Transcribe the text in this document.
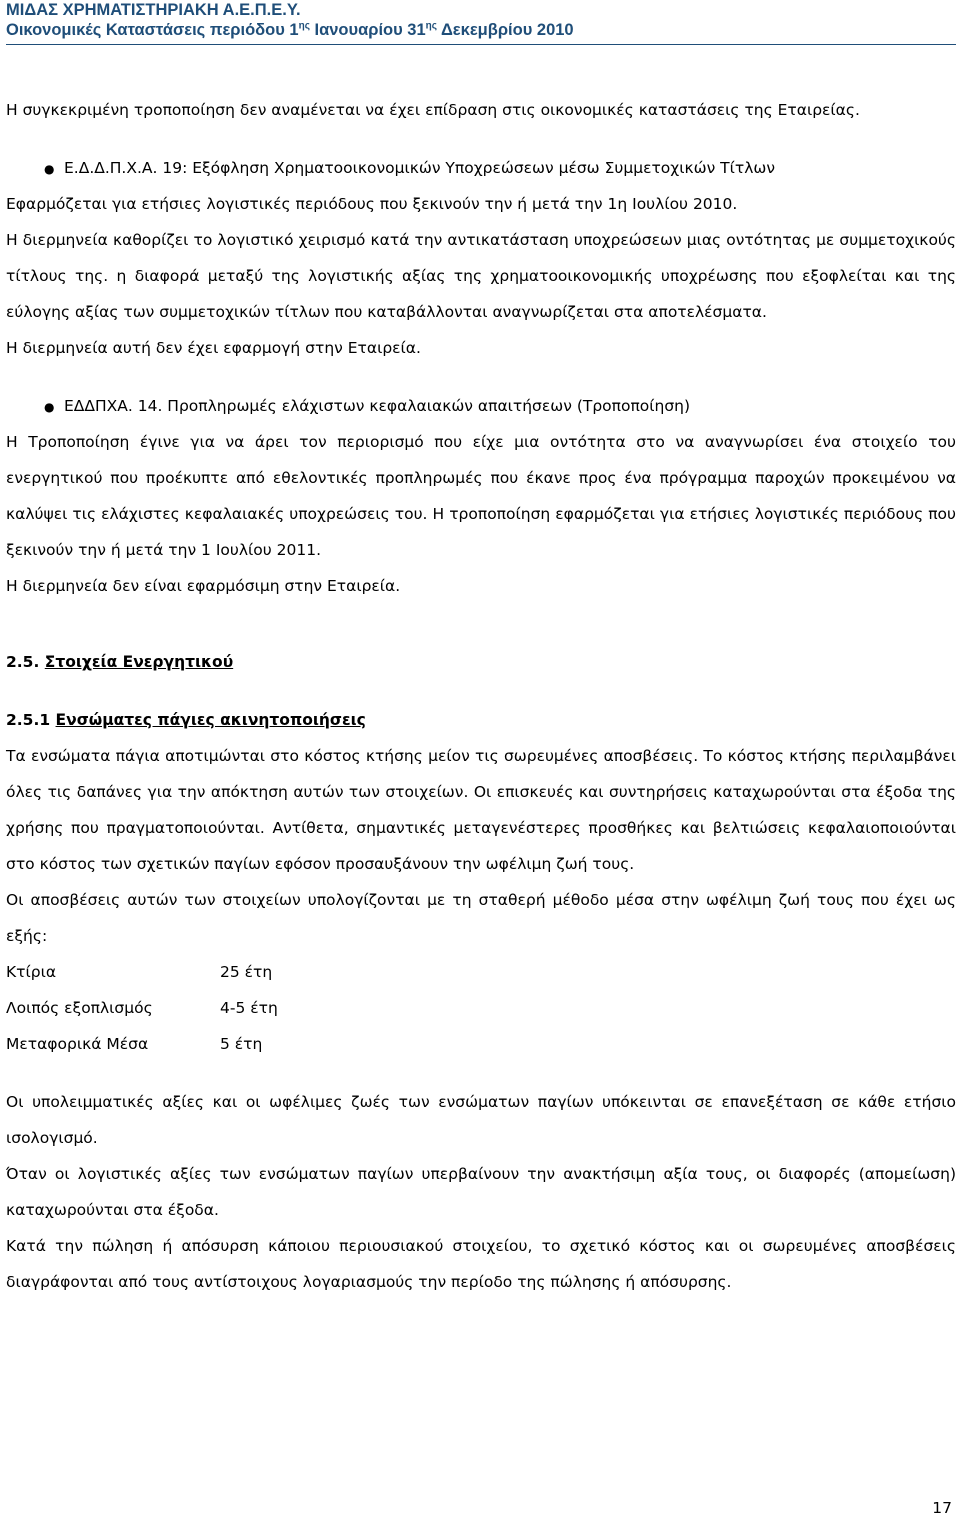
ΜΙΔΑΣ ΧΡΗΜΑΤΙΣΤΗΡΙΑΚΗ Α.Ε.Π.Ε.Υ.
Οικονομικές Καταστάσεις περιόδου $1^{\eta\varsigma}$ Ιανουαρίου $31^{\eta\varsigma}$ Δεκεμβρίου 2010

Η συγκεκριμένη τροποποίηση δεν αναμένεται να έχει επίδραση στις οικονομικές καταστάσεις της Εταιρείας.

● Ε.Δ.Δ.Π.Χ.Α. 19: Εξόφληση Χρηματοοικονομικών Υποχρεώσεων μέσω Συμμετοχικών Τίτλων

Εφαρμόζεται για ετήσιες λογιστικές περιόδους που ξεκινούν την ή μετά την 1η Ιουλίου 2010.

Η διερμηνεία καθορίζει το λογιστικό χειρισμό κατά την αντικατάσταση υποχρεώσεων μιας οντότητας με συμμετοχικούς τίτλους της. η διαφορά μεταξύ της λογιστικής αξίας της χρηματοοικονομικής υποχρέωσης που εξοφλείται και της εύλογης αξίας των συμμετοχικών τίτλων που καταβάλλονται αναγνωρίζεται στα αποτελέσματα.

Η διερμηνεία αυτή δεν έχει εφαρμογή στην Εταιρεία.

● ΕΔΔΠΧΑ. 14. Προπληρωμές ελάχιστων κεφαλαιακών απαιτήσεων (Τροποποίηση)

Η Τροποποίηση έγινε για να άρει τον περιορισμό που είχε μια οντότητα στο να αναγνωρίσει ένα στοιχείο του ενεργητικού που προέκυπτε από εθελοντικές προπληρωμές που έκανε προς ένα πρόγραμμα παροχών προκειμένου να καλύψει τις ελάχιστες κεφαλαιακές υποχρεώσεις του. Η τροποποίηση εφαρμόζεται για ετήσιες λογιστικές περιόδους που ξεκινούν την ή μετά την 1 Ιουλίου 2011.

Η διερμηνεία δεν είναι εφαρμόσιμη στην Εταιρεία.

2.5. Στοιχεία Ενεργητικού
2.5.1 Ενσώματες πάγιες ακινητοποιήσεις

Τα ενσώματα πάγια αποτιμώνται στο κόστος κτήσης μείον τις σωρευμένες αποσβέσεις. Το κόστος κτήσης περιλαμβάνει όλες τις δαπάνες για την απόκτηση αυτών των στοιχείων. Οι επισκευές και συντηρήσεις καταχωρούνται στα έξοδα της χρήσης που πραγματοποιούνται. Αντίθετα, σημαντικές μεταγενέστερες προσθήκες και βελτιώσεις κεφαλαιοποιούνται στο κόστος των σχετικών παγίων εφόσον προσαυξάνουν την ωφέλιμη ζωή τους.

Οι αποσβέσεις αυτών των στοιχείων υπολογίζονται με τη σταθερή μέθοδο μέσα στην ωφέλιμη ζωή τους που έχει ως εξής:

Κτίρια	25 έτη
Λοιπός εξοπλισμός	4-5 έτη
Μεταφορικά Μέσα	5 έτη

Οι υπολειμματικές αξίες και οι ωφέλιμες ζωές των ενσώματων παγίων υπόκεινται σε επανεξέταση σε κάθε ετήσιο ισολογισμό.

Όταν οι λογιστικές αξίες των ενσώματων παγίων υπερβαίνουν την ανακτήσιμη αξία τους, οι διαφορές (απομείωση) καταχωρούνται στα έξοδα.

Κατά την πώληση ή απόσυρση κάποιου περιουσιακού στοιχείου, το σχετικό κόστος και οι σωρευμένες αποσβέσεις διαγράφονται από τους αντίστοιχους λογαριασμούς την περίοδο της πώλησης ή απόσυρσης.

17
